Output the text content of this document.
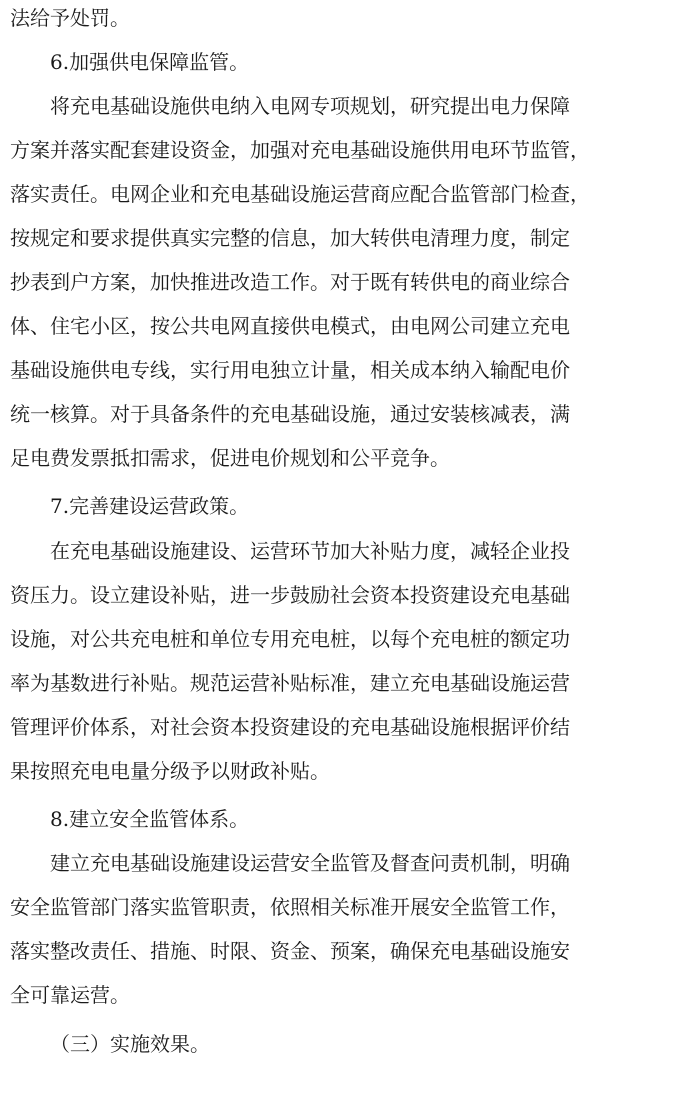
法给予处罚。
6.加强供电保障监管。
将充电基础设施供电纳入电网专项规划，研究提出电力保障
方案并落实配套建设资金，加强对充电基础设施供用电环节监管，
落实责任。电网企业和充电基础设施运营商应配合监管部门检查，
按规定和要求提供真实完整的信息，加大转供电清理力度，制定
抄表到户方案，加快推进改造工作。对于既有转供电的商业综合
体、住宅小区，按公共电网直接供电模式，由电网公司建立充电
基础设施供电专线，实行用电独立计量，相关成本纳入输配电价
统一核算。对于具备条件的充电基础设施，通过安装核减表，满
足电费发票抵扣需求，促进电价规划和公平竞争。
7.完善建设运营政策。
在充电基础设施建设、运营环节加大补贴力度，减轻企业投
资压力。设立建设补贴，进一步鼓励社会资本投资建设充电基础
设施，对公共充电桩和单位专用充电桩，以每个充电桩的额定功
率为基数进行补贴。规范运营补贴标准，建立充电基础设施运营
管理评价体系，对社会资本投资建设的充电基础设施根据评价结
果按照充电电量分级予以财政补贴。
8.建立安全监管体系。
建立充电基础设施建设运营安全监管及督查问责机制，明确
安全监管部门落实监管职责，依照相关标准开展安全监管工作，
落实整改责任、措施、时限、资金、预案，确保充电基础设施安
全可靠运营。
（三）实施效果。
